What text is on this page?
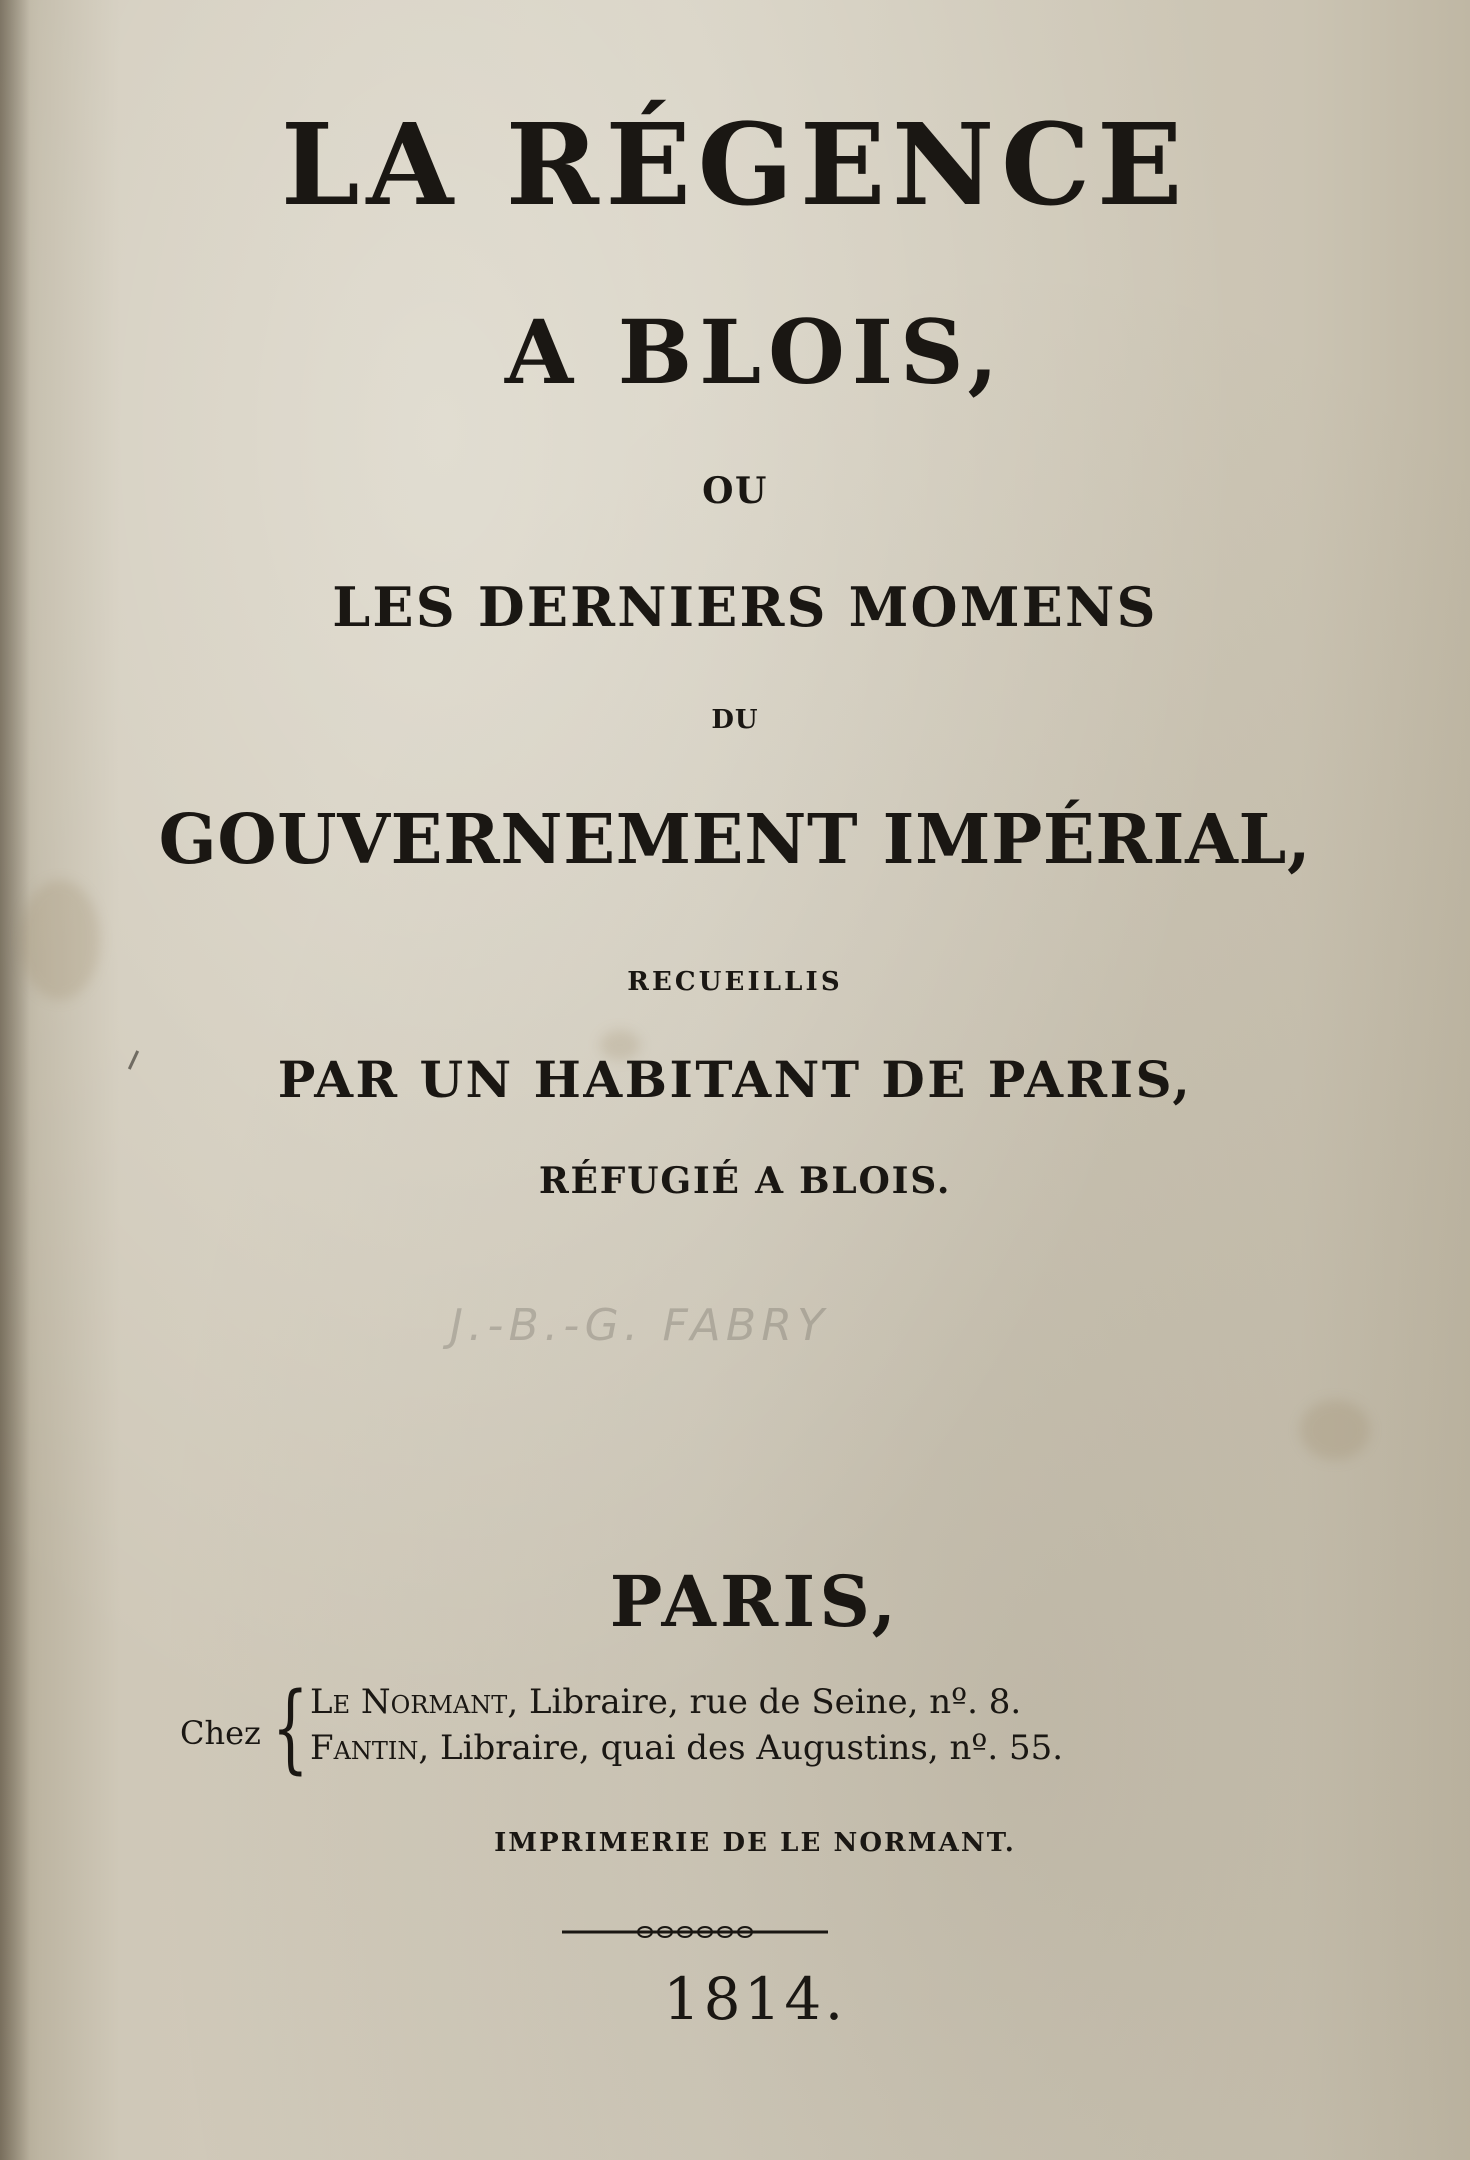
LA RÉGENCE
A BLOIS,
OU
LES DERNIERS MOMENS
DU
GOUVERNEMENT IMPÉRIAL,
RECUEILLIS
PAR UN HABITANT DE PARIS,
RÉFUGIÉ A BLOIS.
J.-B.-G. FABRY
PARIS,
Chez { Le Normant, Libraire, rue de Seine, nº. 8.
Fantin, Libraire, quai des Augustins, nº. 55.
IMPRIMERIE DE LE NORMANT.
1814.
